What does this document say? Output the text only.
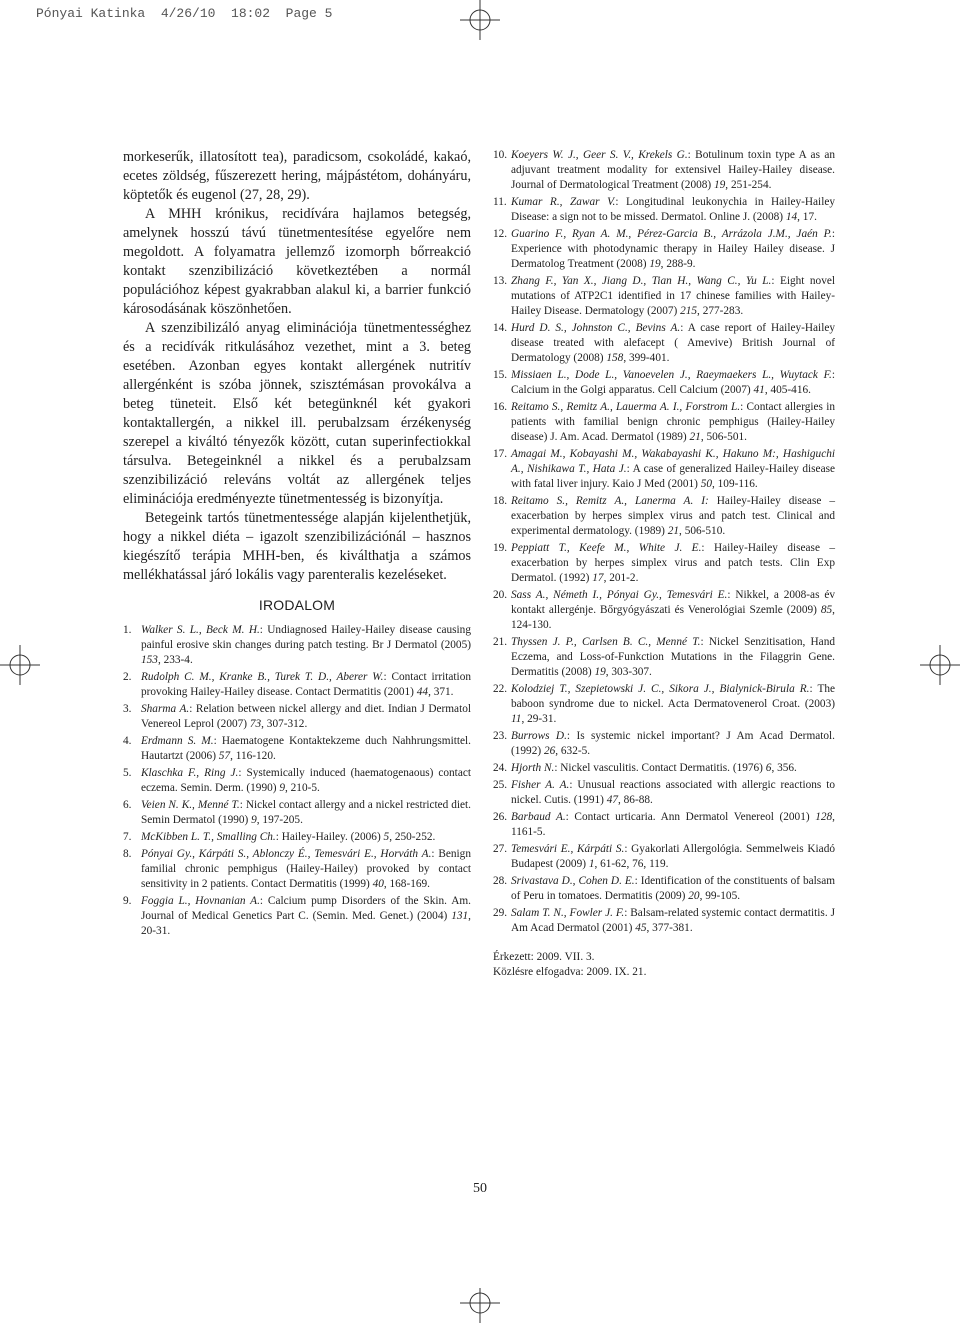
Pónyai Katinka  4/26/10  18:02  Page 5

morkeserűk, illatosított tea), paradicsom, csokoládé, kakaó, ecetes zöldség, fűszerezett hering, májpástétom, dohányáru, köptetők és eugenol (27, 28, 29).

A MHH krónikus, recidívára hajlamos betegség, amelynek hosszú távú tünetmentesítése egyelőre nem megoldott. A folyamatra jellemző izomorph bőrreakció kontakt szenzibilizáció következtében a normál populációhoz képest gyakrabban alakul ki, a barrier funkció károsodásának köszönhetően.

A szenzibilizáló anyag eliminációja tünetmentességhez és a recidívák ritkulásához vezethet, mint a 3. beteg esetében. Azonban egyes kontakt allergének nutritív allergénként is szóba jönnek, szisztémásan provokálva a beteg tüneteit. Első két betegünknél két gyakori kontaktallergén, a nikkel ill. perubalzsam érzékenység szerepel a kiváltó tényezők között, cutan superinfectiokkal társulva. Betegeinknél a nikkel és a perubalzsam szenzibilizáció releváns voltát az allergének teljes eliminációja eredményezte tünetmentesség is bizonyítja.

Betegeink tartós tünetmentessége alapján kijelenthetjük, hogy a nikkel diéta – igazolt szenzibilizációnál – hasznos kiegészítő terápia MHH-ben, és kiválthatja a számos mellékhatással járó lokális vagy parenteralis kezeléseket.

IRODALOM
1. Walker S. L., Beck M. H.: Undiagnosed Hailey-Hailey disease causing painful erosive skin changes during patch testing. Br J Dermatol (2005) 153, 233-4.
2. Rudolph C. M., Kranke B., Turek T. D., Aberer W.: Contact irritation provoking Hailey-Hailey disease. Contact Dermatitis (2001) 44, 371.
3. Sharma A.: Relation between nickel allergy and diet. Indian J Dermatol Venereol Leprol (2007) 73, 307-312.
4. Erdmann S. M.: Haematogene Kontaktekzeme duch Nahhrungsmittel. Hautartzt (2006) 57, 116-120.
5. Klaschka F., Ring J.: Systemically induced (haematogenaous) contact eczema. Semin. Derm. (1990) 9, 210-5.
6. Veien N. K., Menné T.: Nickel contact allergy and a nickel restricted diet. Semin Dermatol (1990) 9, 197-205.
7. McKibben L. T., Smalling Ch.: Hailey-Hailey. (2006) 5, 250-252.
8. Pónyai Gy., Kárpáti S., Ablonczy É., Temesvári E., Horváth A.: Benign familial chronic pemphigus (Hailey-Hailey) provoked by contact sensitivity in 2 patients. Contact Dermatitis (1999) 40, 168-169.
9. Foggia L., Hovnanian A.: Calcium pump Disorders of the Skin. Am. Journal of Medical Genetics Part C. (Semin. Med. Genet.) (2004) 131, 20-31.
10. Koeyers W. J., Geer S. V., Krekels G.: Botulinum toxin type A as an adjuvant treatment modality for extensivel Hailey-Hailey disease. Journal of Dermatological Treatment (2008) 19, 251-254.
11. Kumar R., Zawar V.: Longitudinal leukonychia in Hailey-Hailey Disease: a sign not to be missed. Dermatol. Online J. (2008) 14, 17.
12. Guarino F., Ryan A. M., Pérez-Garcia B., Arrázola J.M., Jaén P.: Experience with photodynamic therapy in Hailey Hailey disease. J Dermatolog Treatment (2008) 19, 288-9.
13. Zhang F., Yan X., Jiang D., Tian H., Wang C., Yu L.: Eight novel mutations of ATP2C1 identified in 17 chinese families with Hailey-Hailey Disease. Dermatology (2007) 215, 277-283.
14. Hurd D. S., Johnston C., Bevins A.: A case report of Hailey-Hailey disease treated with alefacept ( Amevive) British Journal of Dermatology (2008) 158, 399-401.
15. Missiaen L., Dode L., Vanoevelen J., Raeymaekers L., Wuytack F.: Calcium in the Golgi apparatus. Cell Calcium (2007) 41, 405-416.
16. Reitamo S., Remitz A., Lauerma A. I., Forstrom L.: Contact allergies in patients with familial benign chronic pemphigus (Hailey-Hailey disease) J. Am. Acad. Dermatol (1989) 21, 506-501.
17. Amagai M., Kobayashi M., Wakabayashi K., Hakuno M:, Hashiguchi A., Nishikawa T., Hata J.: A case of generalized Hailey-Hailey disease with fatal liver injury. Kaio J Med (2001) 50, 109-116.
18. Reitamo S., Remitz A., Lanerma A. I: Hailey-Hailey disease – exacerbation by herpes simplex virus and patch test. Clinical and experimental dermatology. (1989) 21, 506-510.
19. Peppiatt T., Keefe M., White J. E.: Hailey-Hailey disease – exacerbation by herpes simplex virus and patch tests. Clin Exp Dermatol. (1992) 17, 201-2.
20. Sass A., Németh I., Pónyai Gy., Temesvári E.: Nikkel, a 2008-as év kontakt allergénje. Bőrgyógyászati és Venerológiai Szemle (2009) 85, 124-130.
21. Thyssen J. P., Carlsen B. C., Menné T.: Nickel Senzitisation, Hand Eczema, and Loss-of-Funkction Mutations in the Filaggrin Gene. Dermatitis (2008) 19, 303-307.
22. Kolodziej T., Szepietowski J. C., Sikora J., Bialynick-Birula R.: The baboon syndrome due to nickel. Acta Dermatovenerol Croat. (2003) 11, 29-31.
23. Burrows D.: Is systemic nickel important? J Am Acad Dermatol. (1992) 26, 632-5.
24. Hjorth N.: Nickel vasculitis. Contact Dermatitis. (1976) 6, 356.
25. Fisher A. A.: Unusual reactions associated with allergic reactions to nickel. Cutis. (1991) 47, 86-88.
26. Barbaud A.: Contact urticaria. Ann Dermatol Venereol (2001) 128, 1161-5.
27. Temesvári E., Kárpáti S.: Gyakorlati Allergológia. Semmelweis Kiadó Budapest (2009) 1, 61-62, 76, 119.
28. Srivastava D., Cohen D. E.: Identification of the constituents of balsam of Peru in tomatoes. Dermatitis (2009) 20, 99-105.
29. Salam T. N., Fowler J. F.: Balsam-related systemic contact dermatitis. J Am Acad Dermatol (2001) 45, 377-381.
Érkezett: 2009. VII. 3.
Közlésre elfogadva: 2009. IX. 21.
50
